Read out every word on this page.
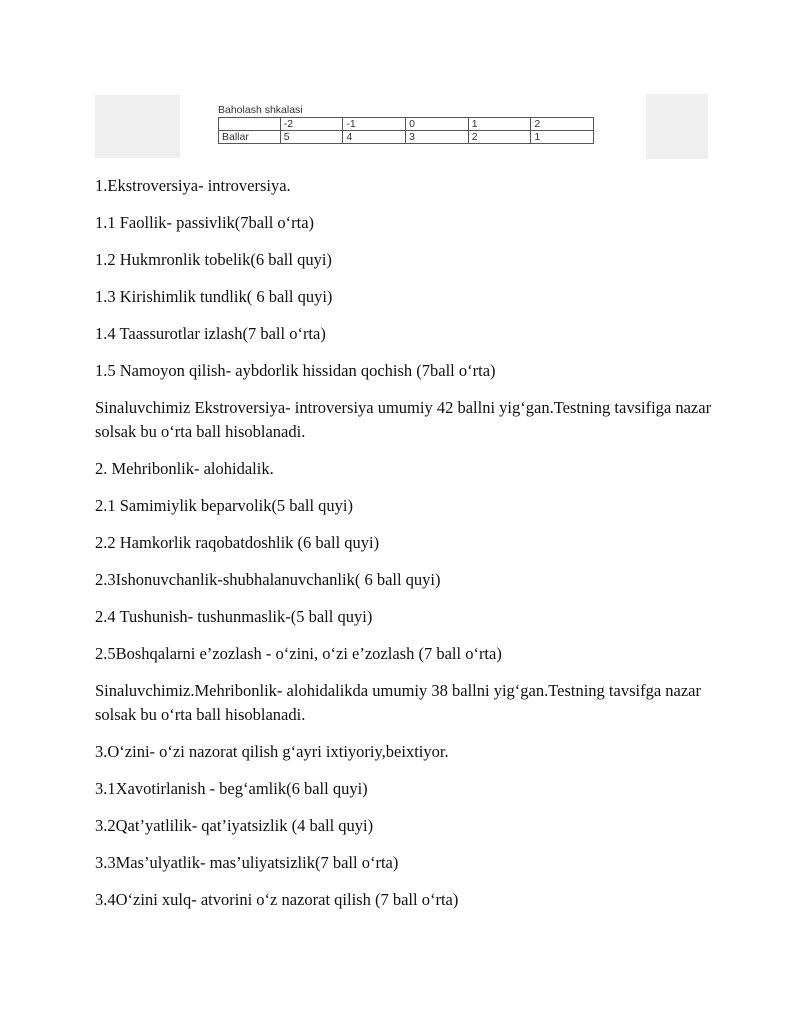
Baholash shkalasi
	-2	-1	0	1	2
Ballar	5	4	3	2	1
1.Ekstroversiya- introversiya.
1.1 Faollik- passivlik(7ball o‘rta)
1.2 Hukmronlik tobelik(6 ball quyi)
1.3 Kirishimlik tundlik( 6 ball quyi)
1.4 Taassurotlar izlash(7 ball o‘rta)
1.5 Namoyon qilish- aybdorlik hissidan qochish (7ball o‘rta)
Sinaluvchimiz Ekstroversiya- introversiya umumiy 42 ballni yig‘gan.Testning tavsifiga nazar solsak bu o‘rta ball hisoblanadi.
2. Mehribonlik- alohidalik.
2.1 Samimiylik beparvolik(5 ball quyi)
2.2 Hamkorlik raqobatdoshlik (6 ball quyi)
2.3Ishonuvchanlik-shubhalanuvchanlik( 6 ball quyi)
2.4 Tushunish- tushunmaslik-(5 ball quyi)
2.5Boshqalarni e’zozlash - o‘zini, o‘zi e’zozlash (7 ball o‘rta)
Sinaluvchimiz.Mehribonlik- alohidalikda umumiy 38 ballni yig‘gan.Testning tavsifga nazar solsak bu o‘rta ball hisoblanadi.
3.O‘zini- o‘zi nazorat qilish g‘ayri ixtiyoriy,beixtiyor.
3.1Xavotirlanish - beg‘amlik(6 ball quyi)
3.2Qat’yatlilik- qat’iyatsizlik (4 ball quyi)
3.3Mas’ulyatlik- mas’uliyatsizlik(7 ball o‘rta)
3.4O‘zini xulq- atvorini o‘z nazorat qilish (7 ball o‘rta)
